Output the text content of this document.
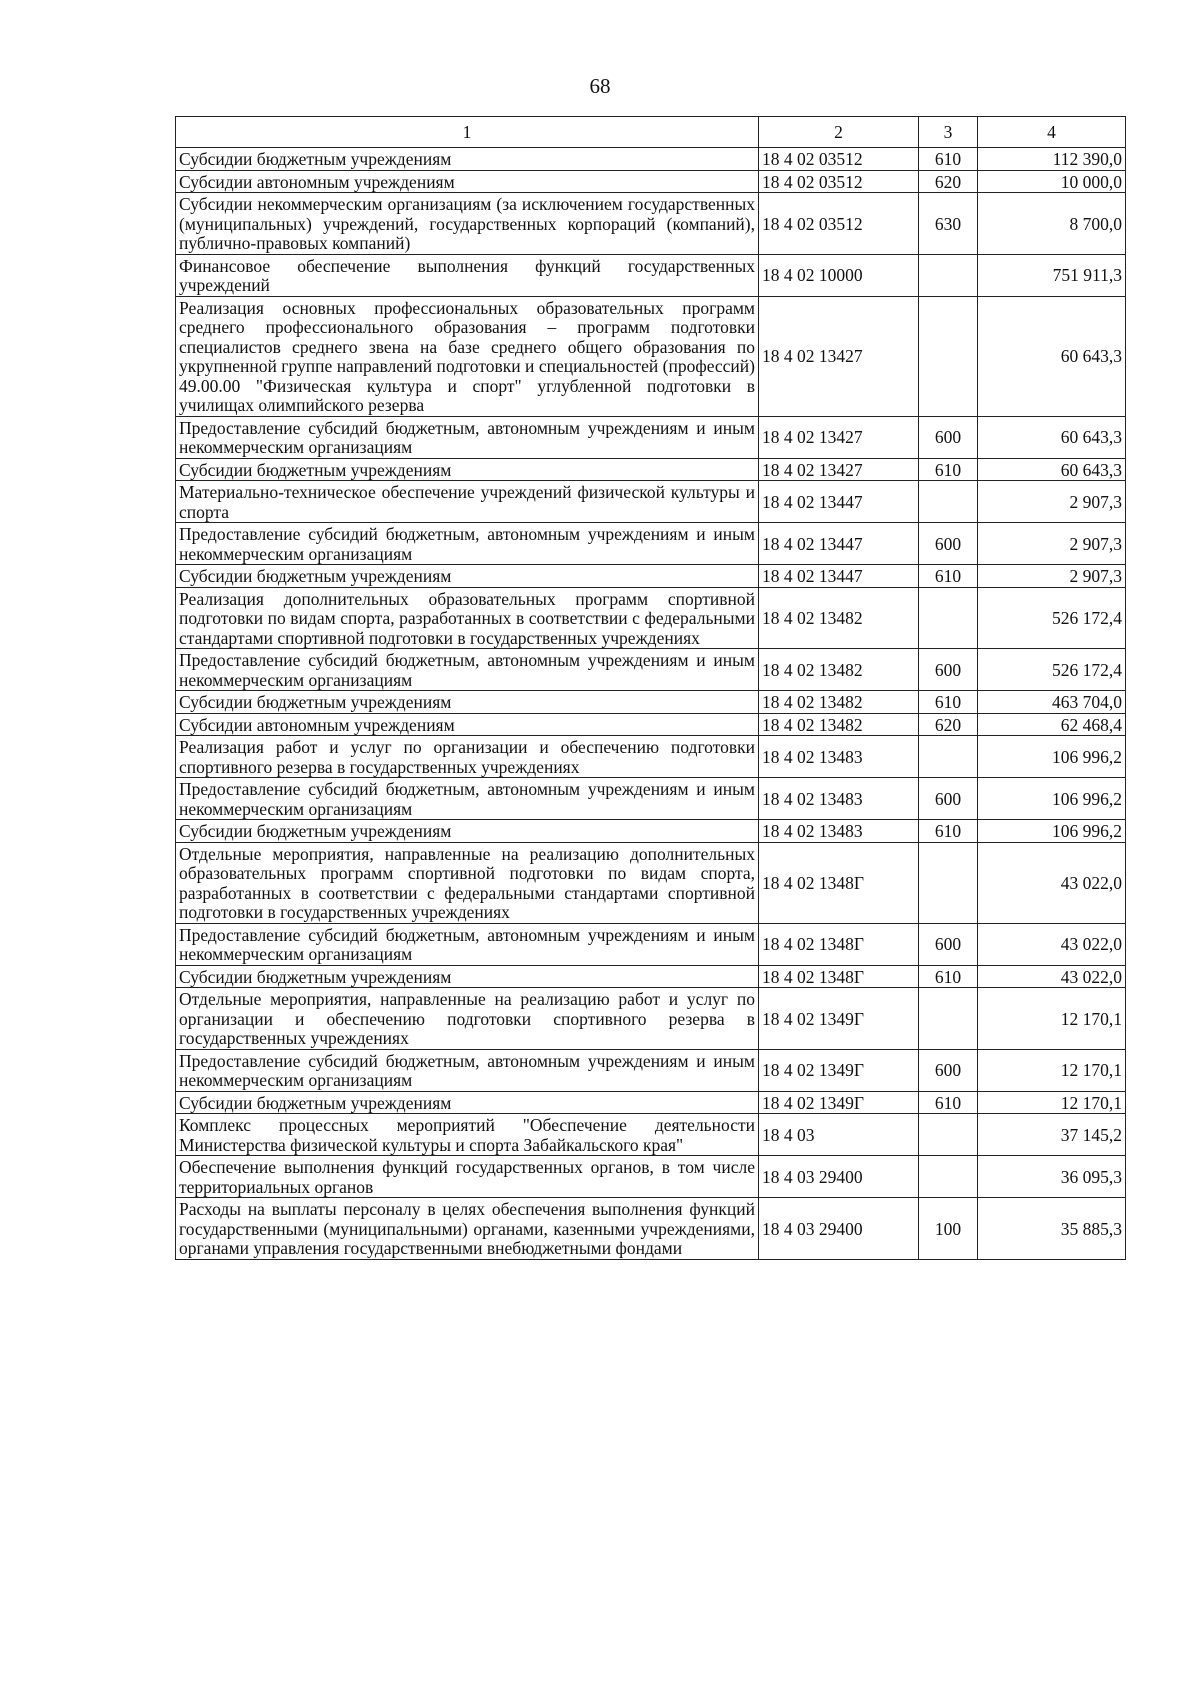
68
1	2	3	4
Субсидии бюджетным учреждениям	18 4 02 03512	610	112 390,0
Субсидии автономным учреждениям	18 4 02 03512	620	10 000,0
Субсидии некоммерческим организациям (за исключением государственных (муниципальных) учреждений, государственных корпораций (компаний), публично-правовых компаний)	18 4 02 03512	630	8 700,0
Финансовое обеспечение выполнения функций государственных учреждений	18 4 02 10000		751 911,3
Реализация основных профессиональных образовательных программ среднего профессионального образования – программ подготовки специалистов среднего звена на базе среднего общего образования по укрупненной группе направлений подготовки и специальностей (профессий) 49.00.00 "Физическая культура и спорт" углубленной подготовки в училищах олимпийского резерва	18 4 02 13427		60 643,3
Предоставление субсидий бюджетным, автономным учреждениям и иным некоммерческим организациям	18 4 02 13427	600	60 643,3
Субсидии бюджетным учреждениям	18 4 02 13427	610	60 643,3
Материально-техническое обеспечение учреждений физической культуры и спорта	18 4 02 13447		2 907,3
Предоставление субсидий бюджетным, автономным учреждениям и иным некоммерческим организациям	18 4 02 13447	600	2 907,3
Субсидии бюджетным учреждениям	18 4 02 13447	610	2 907,3
Реализация дополнительных образовательных программ спортивной подготовки по видам спорта, разработанных в соответствии с федеральными стандартами спортивной подготовки в государственных учреждениях	18 4 02 13482		526 172,4
Предоставление субсидий бюджетным, автономным учреждениям и иным некоммерческим организациям	18 4 02 13482	600	526 172,4
Субсидии бюджетным учреждениям	18 4 02 13482	610	463 704,0
Субсидии автономным учреждениям	18 4 02 13482	620	62 468,4
Реализация работ и услуг по организации и обеспечению подготовки спортивного резерва в государственных учреждениях	18 4 02 13483		106 996,2
Предоставление субсидий бюджетным, автономным учреждениям и иным некоммерческим организациям	18 4 02 13483	600	106 996,2
Субсидии бюджетным учреждениям	18 4 02 13483	610	106 996,2
Отдельные мероприятия, направленные на реализацию дополнительных образовательных программ спортивной подготовки по видам спорта, разработанных в соответствии с федеральными стандартами спортивной подготовки в государственных учреждениях	18 4 02 1348Г		43 022,0
Предоставление субсидий бюджетным, автономным учреждениям и иным некоммерческим организациям	18 4 02 1348Г	600	43 022,0
Субсидии бюджетным учреждениям	18 4 02 1348Г	610	43 022,0
Отдельные мероприятия, направленные на реализацию работ и услуг по организации и обеспечению подготовки спортивного резерва в государственных учреждениях	18 4 02 1349Г		12 170,1
Предоставление субсидий бюджетным, автономным учреждениям и иным некоммерческим организациям	18 4 02 1349Г	600	12 170,1
Субсидии бюджетным учреждениям	18 4 02 1349Г	610	12 170,1
Комплекс процессных мероприятий "Обеспечение деятельности Министерства физической культуры и спорта Забайкальского края"	18 4 03		37 145,2
Обеспечение выполнения функций государственных органов, в том числе территориальных органов	18 4 03 29400		36 095,3
Расходы на выплаты персоналу в целях обеспечения выполнения функций государственными (муниципальными) органами, казенными учреждениями, органами управления государственными внебюджетными фондами	18 4 03 29400	100	35 885,3
